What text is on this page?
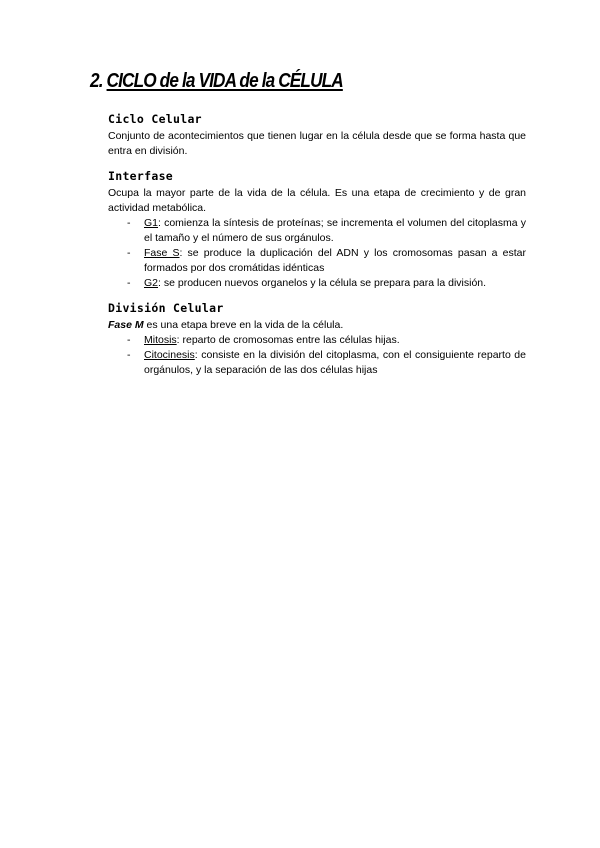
2. CICLO de la VIDA de la CÉLULA
Ciclo Celular

Conjunto de acontecimientos que tienen lugar en la célula desde que se forma hasta que entra en división.

Interfase

Ocupa la mayor parte de la vida de la célula. Es una etapa de crecimiento y de gran actividad metabólica.

- G1: comienza la síntesis de proteínas; se incrementa el volumen del citoplasma y el tamaño y el número de sus orgánulos.
- Fase S: se produce la duplicación del ADN y los cromosomas pasan a estar formados por dos cromátidas idénticas
- G2: se producen nuevos organelos y la célula se prepara para la división.
División Celular

Fase M es una etapa breve en la vida de la célula.

- Mitosis: reparto de cromosomas entre las células hijas.
- Citocinesis: consiste en la división del citoplasma, con el consiguiente reparto de orgánulos, y la separación de las dos células hijas
